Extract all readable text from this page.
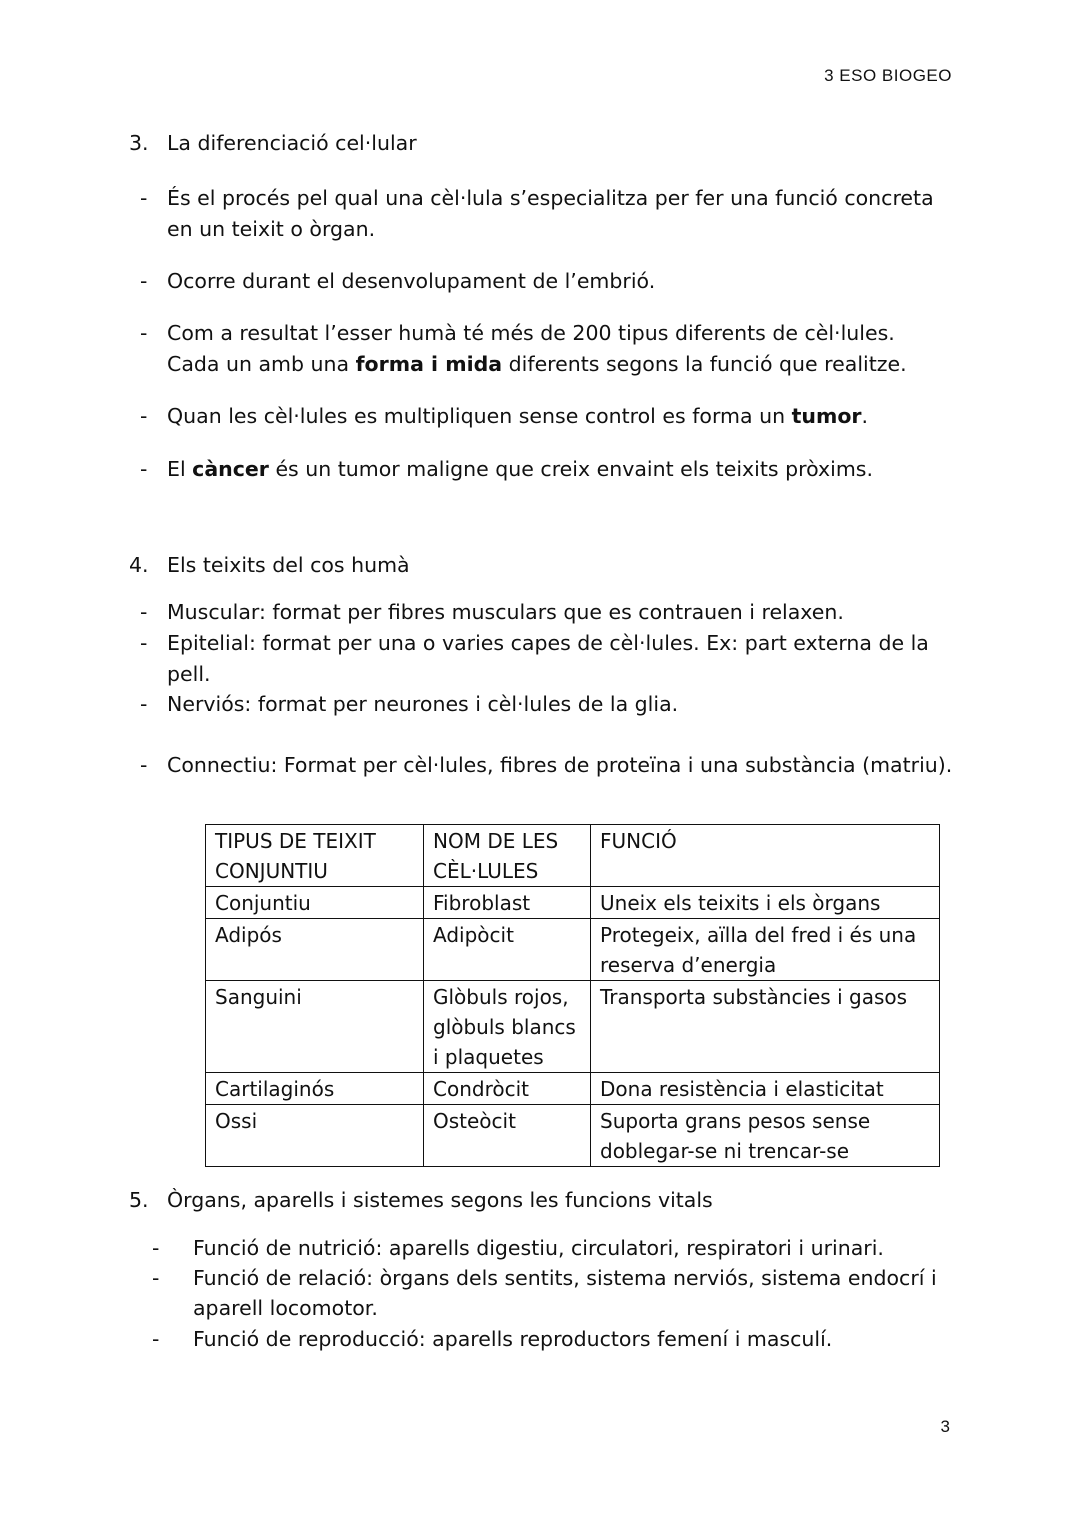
3 ESO BIOGEO
3. La diferenciació cel·lular
- És el procés pel qual una cèl·lula s’especialitza per fer una funció concreta en un teixit o òrgan.
- Ocorre durant el desenvolupament de l’embrió.
- Com a resultat l’esser humà té més de 200 tipus diferents de cèl·lules. Cada un amb una forma i mida diferents segons la funció que realitze.
- Quan les cèl·lules es multipliquen sense control es forma un tumor.
- El càncer és un tumor maligne que creix envaint els teixits pròxims.
4. Els teixits del cos humà
- Muscular: format per fibres musculars que es contrauen i relaxen.
- Epitelial: format per una o varies capes de cèl·lules. Ex: part externa de la pell.
- Nerviós: format per neurones i cèl·lules de la glia.
- Connectiu: Format per cèl·lules, fibres de proteïna i una substància (matriu).
TIPUS DE TEIXIT CONJUNTIU	NOM DE LES CÈL·LULES	FUNCIÓ
Conjuntiu	Fibroblast	Uneix els teixits i els òrgans
Adipós	Adipòcit	Protegeix, aïlla del fred i és una reserva d’energia
Sanguini	Glòbuls rojos, glòbuls blancs i plaquetes	Transporta substàncies i gasos
Cartilaginós	Condròcit	Dona resistència i elasticitat
Ossi	Osteòcit	Suporta grans pesos sense doblegar-se ni trencar-se
5. Òrgans, aparells i sistemes segons les funcions vitals
- Funció de nutrició: aparells digestiu, circulatori, respiratori i urinari.
- Funció de relació: òrgans dels sentits, sistema nerviós, sistema endocrí i aparell locomotor.
- Funció de reproducció: aparells reproductors femení i masculí.
3
